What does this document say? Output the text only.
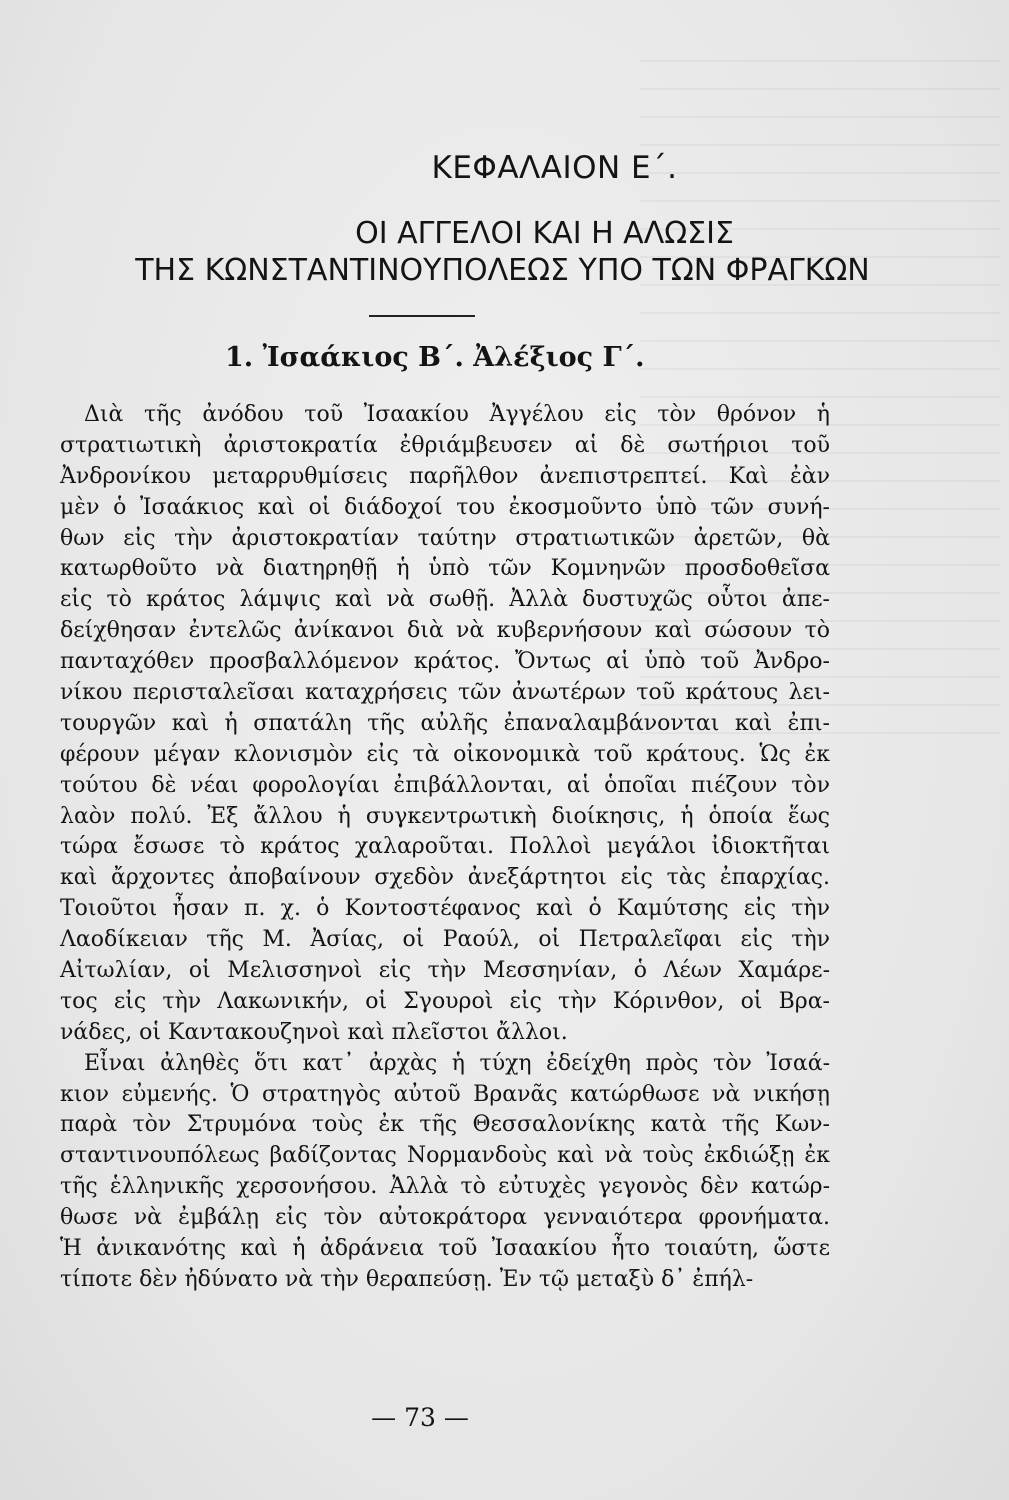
ΚΕΦΑΛΑΙΟΝ Ε΄.
ΟΙ ΑΓΓΕΛΟΙ ΚΑΙ Η ΑΛΩΣΙΣ
ΤΗΣ ΚΩΝΣΤΑΝΤΙΝΟΥΠΟΛΕΩΣ ΥΠΟ ΤΩΝ ΦΡΑΓΚΩΝ
1. Ἰσαάκιος Β΄. Ἀλέξιος Γ΄.
Διὰ τῆς ἀνόδου τοῦ Ἰσαακίου Ἀγγέλου εἰς τὸν θρόνον ἡ
στρατιωτικὴ ἀριστοκρατία ἐθριάμβευσεν αἱ δὲ σωτήριοι τοῦ
Ἀνδρονίκου μεταρρυθμίσεις παρῆλθον ἀνεπιστρεπτεί. Καὶ ἐὰν
μὲν ὁ Ἰσαάκιος καὶ οἱ διάδοχοί του ἐκοσμοῦντο ὑπὸ τῶν συνή-
θων εἰς τὴν ἀριστοκρατίαν ταύτην στρατιωτικῶν ἀρετῶν, θὰ
κατωρθοῦτο νὰ διατηρηθῇ ἡ ὑπὸ τῶν Κομνηνῶν προσδοθεῖσα
εἰς τὸ κράτος λάμψις καὶ νὰ σωθῇ. Ἀλλὰ δυστυχῶς οὗτοι ἀπε-
δείχθησαν ἐντελῶς ἀνίκανοι διὰ νὰ κυβερνήσουν καὶ σώσουν τὸ
πανταχόθεν προσβαλλόμενον κράτος. Ὄντως αἱ ὑπὸ τοῦ Ἀνδρο-
νίκου περισταλεῖσαι καταχρήσεις τῶν ἀνωτέρων τοῦ κράτους λει-
τουργῶν καὶ ἡ σπατάλη τῆς αὐλῆς ἐπαναλαμβάνονται καὶ ἐπι-
φέρουν μέγαν κλονισμὸν εἰς τὰ οἰκονομικὰ τοῦ κράτους. Ὡς ἐκ
τούτου δὲ νέαι φορολογίαι ἐπιβάλλονται, αἱ ὁποῖαι πιέζουν τὸν
λαὸν πολύ. Ἐξ ἄλλου ἡ συγκεντρωτικὴ διοίκησις, ἡ ὁποία ἕως
τώρα ἔσωσε τὸ κράτος χαλαροῦται. Πολλοὶ μεγάλοι ἰδιοκτῆται
καὶ ἄρχοντες ἀποβαίνουν σχεδὸν ἀνεξάρτητοι εἰς τὰς ἐπαρχίας.
Τοιοῦτοι ἦσαν π. χ. ὁ Κοντοστέφανος καὶ ὁ Καμύτσης εἰς τὴν
Λαοδίκειαν τῆς Μ. Ἀσίας, οἱ Ραούλ, οἱ Πετραλεῖφαι εἰς τὴν
Αἰτωλίαν, οἱ Μελισσηνοὶ εἰς τὴν Μεσσηνίαν, ὁ Λέων Χαμάρε-
τος εἰς τὴν Λακωνικήν, οἱ Σγουροὶ εἰς τὴν Κόρινθον, οἱ Βρα-
νάδες, οἱ Καντακουζηνοὶ καὶ πλεῖστοι ἄλλοι.
Εἶναι ἀληθὲς ὅτι κατ᾿ ἀρχὰς ἡ τύχη ἐδείχθη πρὸς τὸν Ἰσαά-
κιον εὐμενής. Ὁ στρατηγὸς αὐτοῦ Βρανᾶς κατώρθωσε νὰ νικήσῃ
παρὰ τὸν Στρυμόνα τοὺς ἐκ τῆς Θεσσαλονίκης κατὰ τῆς Κων-
σταντινουπόλεως βαδίζοντας Νορμανδοὺς καὶ νὰ τοὺς ἐκδιώξῃ ἐκ
τῆς ἑλληνικῆς χερσονήσου. Ἀλλὰ τὸ εὐτυχὲς γεγονὸς δὲν κατώρ-
θωσε νὰ ἐμβάλῃ εἰς τὸν αὐτοκράτορα γενναιότερα φρονήματα.
Ἡ ἀνικανότης καὶ ἡ ἀδράνεια τοῦ Ἰσαακίου ἦτο τοιαύτη, ὥστε
τίποτε δὲν ἠδύνατο νὰ τὴν θεραπεύσῃ. Ἐν τῷ μεταξὺ δ᾿ ἐπήλ-
— 73 —
